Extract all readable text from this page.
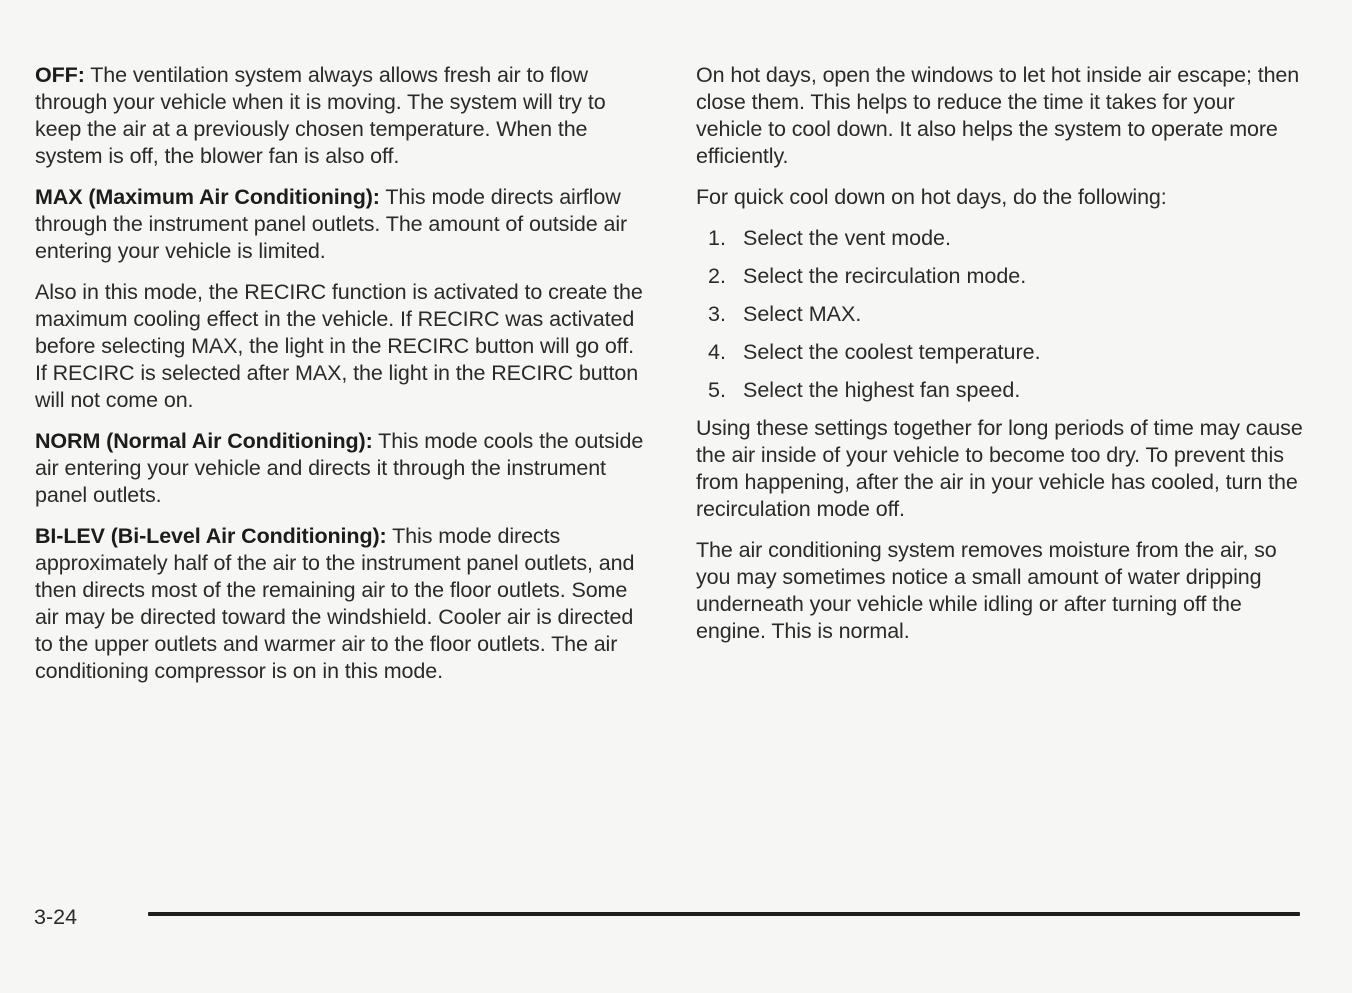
OFF: The ventilation system always allows fresh air to flow through your vehicle when it is moving. The system will try to keep the air at a previously chosen temperature. When the system is off, the blower fan is also off.

MAX (Maximum Air Conditioning): This mode directs airflow through the instrument panel outlets. The amount of outside air entering your vehicle is limited.

Also in this mode, the RECIRC function is activated to create the maximum cooling effect in the vehicle. If RECIRC was activated before selecting MAX, the light in the RECIRC button will go off. If RECIRC is selected after MAX, the light in the RECIRC button will not come on.

NORM (Normal Air Conditioning): This mode cools the outside air entering your vehicle and directs it through the instrument panel outlets.

BI-LEV (Bi-Level Air Conditioning): This mode directs approximately half of the air to the instrument panel outlets, and then directs most of the remaining air to the floor outlets. Some air may be directed toward the windshield. Cooler air is directed to the upper outlets and warmer air to the floor outlets. The air conditioning compressor is on in this mode.

On hot days, open the windows to let hot inside air escape; then close them. This helps to reduce the time it takes for your vehicle to cool down. It also helps the system to operate more efficiently.

For quick cool down on hot days, do the following:

1. Select the vent mode.
2. Select the recirculation mode.
3. Select MAX.
4. Select the coolest temperature.
5. Select the highest fan speed.

Using these settings together for long periods of time may cause the air inside of your vehicle to become too dry. To prevent this from happening, after the air in your vehicle has cooled, turn the recirculation mode off.

The air conditioning system removes moisture from the air, so you may sometimes notice a small amount of water dripping underneath your vehicle while idling or after turning off the engine. This is normal.

3-24
